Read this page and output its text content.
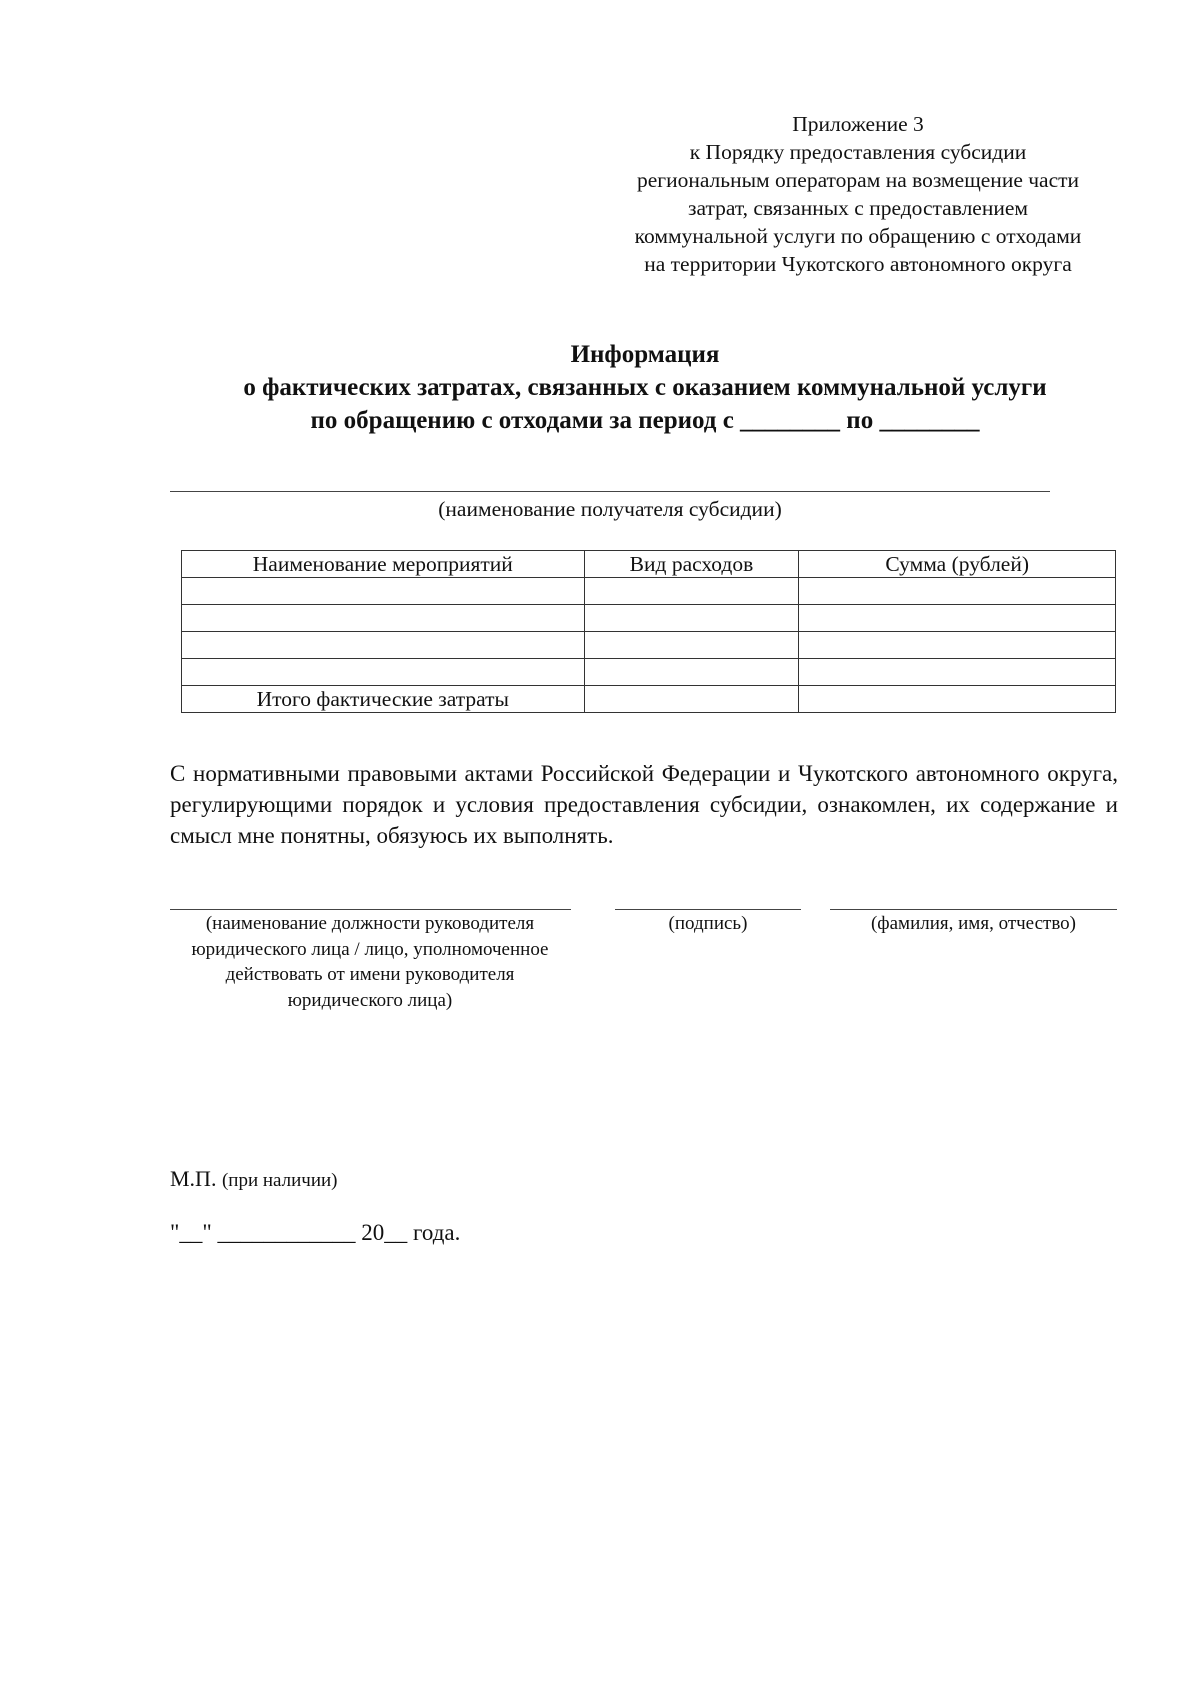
Приложение 3
к Порядку предоставления субсидии
региональным операторам на возмещение части
затрат, связанных с предоставлением
коммунальной услуги по обращению с отходами
на территории Чукотского автономного округа
Информация
о фактических затратах, связанных с оказанием коммунальной услуги
по обращению с отходами за период с ________ по ________
(наименование получателя субсидии)
Наименование мероприятий	Вид расходов	Сумма (рублей)

Итого фактические затраты		
С нормативными правовыми актами Российской Федерации и Чукотского автономного округа, регулирующими порядок и условия предоставления субсидии, ознакомлен, их содержание и смысл мне понятны, обязуюсь их выполнять.
(наименование должности руководителя юридического лица / лицо, уполномоченное действовать от имени руководителя юридического лица)
(подпись)	(фамилия, имя, отчество)
М.П. (при наличии)
"__" ____________ 20__ года.
